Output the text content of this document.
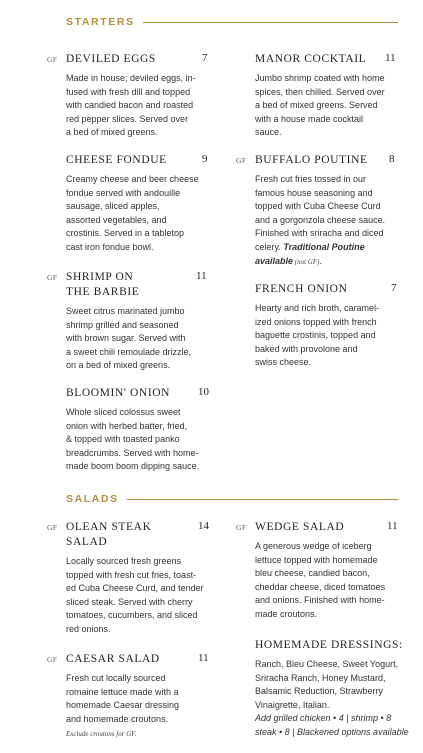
STARTERS
GF DEVILED EGGS	7
Made in house; deviled eggs, in-
fused with fresh dill and topped
with candied bacon and roasted
red pepper slices. Served over
a bed of mixed greens.
MANOR COCKTAIL	11
Jumbo shrimp coated with home
spices, then chilled. Served over
a bed of mixed greens. Served
with a house made cocktail
sauce.
CHEESE FONDUE	9
Creamy cheese and beer cheese
fondue served with andouille
sausage, sliced apples,
assorted vegetables, and
crostinis. Served in a tabletop
cast iron fondue bowl.
GF BUFFALO POUTINE	8
Fresh cut fries tossed in our
famous house seasoning and
topped with Cuba Cheese Curd
and a gorgonzola cheese sauce.
Finished with sriracha and diced
celery. Traditional Poutine
available (not GF).
GF SHRIMP ON
THE BARBIE
11
Sweet citrus marinated jumbo
shrimp grilled and seasoned
with brown sugar. Served with
a sweet chili remoulade drizzle,
on a bed of mixed greens.
FRENCH ONION	7
Hearty and rich broth, caramel-
ized onions topped with french
baguette crostinis, topped and
baked with provolone and
swiss cheese.
BLOOMIN' ONION	10
Whole sliced colossus sweet
onion with herbed batter, fried,
& topped with toasted panko
breadcrumbs. Served with home-
made boom boom dipping sauce.
SALADS
GF OLEAN STEAK
SALAD
14
Locally sourced fresh greens
topped with fresh cut fries, toast-
ed Cuba Cheese Curd, and tender
sliced steak. Served with cherry
tomatoes, cucumbers, and sliced
red onions.
GF WEDGE SALAD	11
A generous wedge of iceberg
lettuce topped with homemade
bleu cheese, candied bacon,
cheddar cheese, diced tomatoes
and onions. Finished with home-
made croutons.
GF CAESAR SALAD	11
Fresh cut locally sourced
romaine lettuce made with a
homemade Caesar dressing
and homemade croutons.
Exclude croutons for GF.
HOMEMADE DRESSINGS:
Ranch, Bleu Cheese, Sweet Yogurt,
Sriracha Ranch, Honey Mustard,
Balsamic Reduction, Strawberry
Vinaigrette, Italian.
Add grilled chicken • 4 | shrimp • 8
steak • 8 | Blackened options available
